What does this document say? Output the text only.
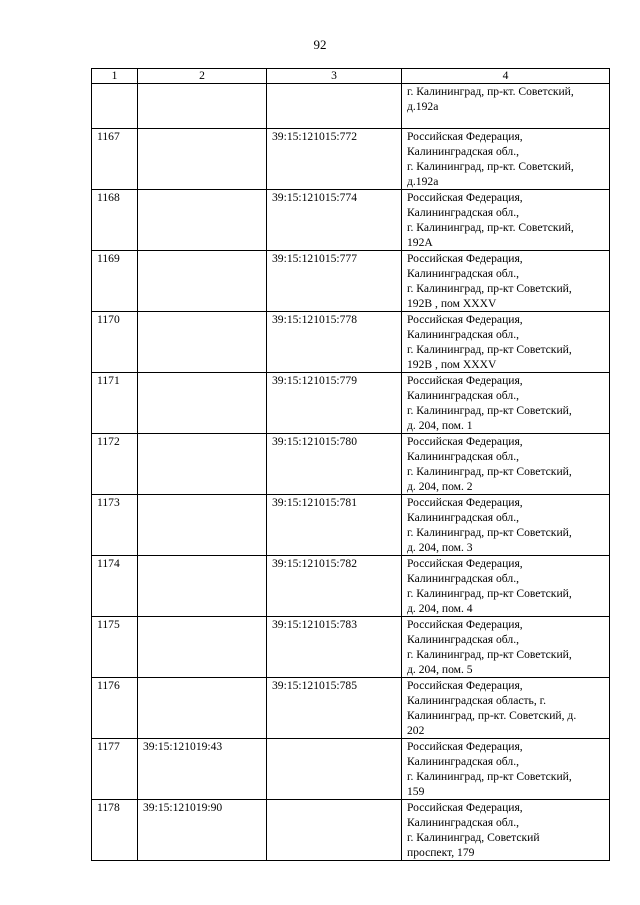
92
1	2	3	4

			г. Калининград, пр-кт. Советский,
д.192а

1167		39:15:121015:772	Российская Федерация,
Калининградская обл.,
г. Калининград, пр-кт. Советский,
д.192а

1168		39:15:121015:774	Российская Федерация,
Калининградская обл.,
г. Калининград, пр-кт. Советский,
192А

1169		39:15:121015:777	Российская Федерация,
Калининградская обл.,
г. Калининград, пр-кт Советский,
192В , пом XXXV

1170		39:15:121015:778	Российская Федерация,
Калининградская обл.,
г. Калининград, пр-кт Советский,
192В , пом XXXV

1171		39:15:121015:779	Российская Федерация,
Калининградская обл.,
г. Калининград, пр-кт Советский,
д. 204, пом. 1

1172		39:15:121015:780	Российская Федерация,
Калининградская обл.,
г. Калининград, пр-кт Советский,
д. 204, пом. 2

1173		39:15:121015:781	Российская Федерация,
Калининградская обл.,
г. Калининград, пр-кт Советский,
д. 204, пом. 3

1174		39:15:121015:782	Российская Федерация,
Калининградская обл.,
г. Калининград, пр-кт Советский,
д. 204, пом. 4

1175		39:15:121015:783	Российская Федерация,
Калининградская обл.,
г. Калининград, пр-кт Советский,
д. 204, пом. 5

1176		39:15:121015:785	Российская Федерация,
Калининградская область, г.
Калининград, пр-кт. Советский, д.
202

1177	39:15:121019:43		Российская Федерация,
Калининградская обл.,
г. Калининград, пр-кт Советский,
159

1178	39:15:121019:90		Российская Федерация,
Калининградская обл.,
г. Калининград, Советский
проспект, 179
